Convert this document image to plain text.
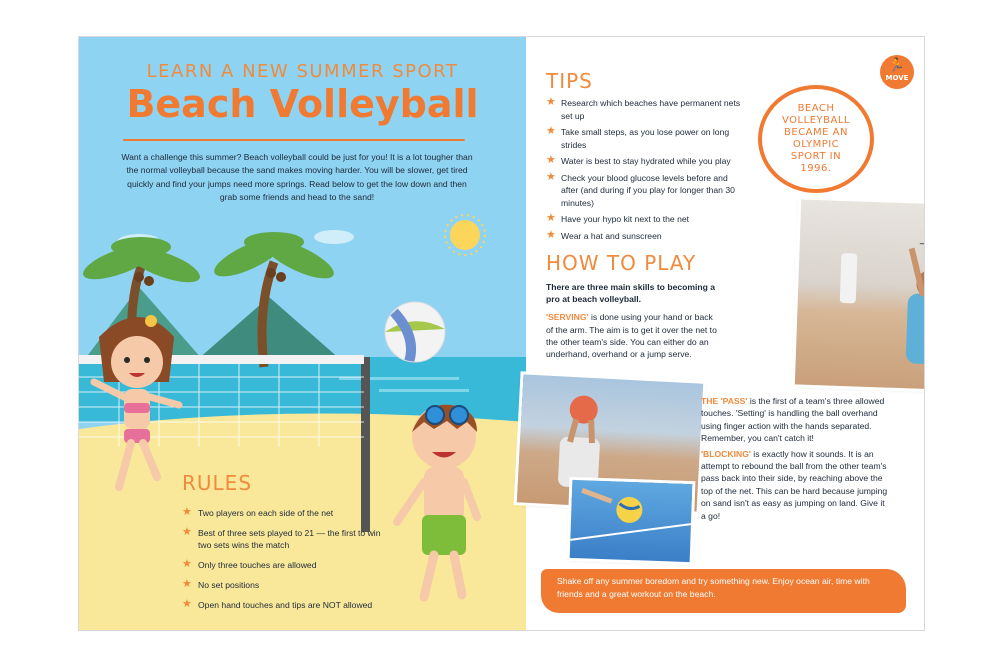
LEARN A NEW SUMMER SPORT
Beach Volleyball
Want a challenge this summer? Beach volleyball could be just for you! It is a lot tougher than the normal volleyball because the sand makes moving harder. You will be slower, get tired quickly and find your jumps need more springs. Read below to get the low down and then grab some friends and head to the sand!
RULES
★ Two players on each side of the net
★ Best of three sets played to 21 — the first to win two sets wins the match
★ Only three touches are allowed
★ No set positions
★ Open hand touches and tips are NOT allowed
🏃
MOVE
BEACH VOLLEYBALL BECAME AN OLYMPIC SPORT IN 1996.
TIPS
★ Research which beaches have permanent nets set up
★ Take small steps, as you lose power on long strides
★ Water is best to stay hydrated while you play
★ Check your blood glucose levels before and after (and during if you play for longer than 30 minutes)
★ Have your hypo kit next to the net
★ Wear a hat and sunscreen
HOW TO PLAY

There are three main skills to becoming a pro at beach volleyball.

'SERVING' is done using your hand or back of the arm. The aim is to get it over the net to the other team's side. You can either do an underhand, overhand or a jump serve.

THE 'PASS' is the first of a team's three allowed touches. 'Setting' is handling the ball overhand using finger action with the hands separated. Remember, you can't catch it!

'BLOCKING' is exactly how it sounds. It is an attempt to rebound the ball from the other team's pass back into their side, by reaching above the top of the net. This can be hard because jumping on sand isn't as easy as jumping on land. Give it a go!

Shake off any summer boredom and try something new. Enjoy ocean air, time with friends and a great workout on the beach.
